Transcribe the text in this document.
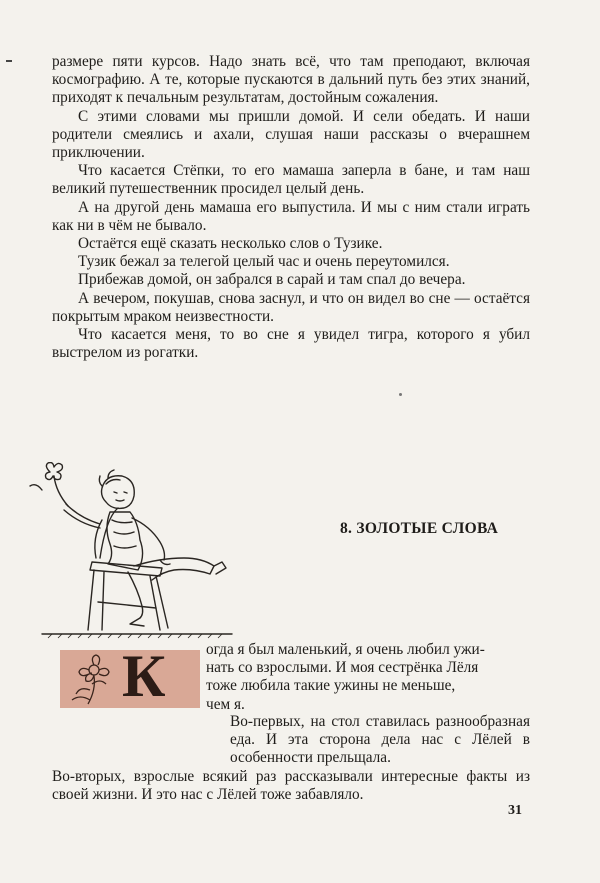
размере пяти курсов. Надо знать всё, что там преподают, включая космографию. А те, которые пускаются в дальний путь без этих знаний, приходят к печальным результатам, достойным сожаления.

С этими словами мы пришли домой. И сели обедать. И наши родители смеялись и ахали, слушая наши рассказы о вчерашнем приключении.

Что касается Стёпки, то его мамаша заперла в бане, и там наш великий путешественник просидел целый день.

А на другой день мамаша его выпустила. И мы с ним стали играть как ни в чём не бывало.

Остаётся ещё сказать несколько слов о Тузике.

Тузик бежал за телегой целый час и очень переутомился.

Прибежав домой, он забрался в сарай и там спал до вечера.

А вечером, покушав, снова заснул, и что он видел во сне — остаётся покрытым мраком неизвестности.

Что касается меня, то во сне я увидел тигра, которого я убил выстрелом из рогатки.

8. ЗОЛОТЫЕ СЛОВА
К	огда я был маленький, я очень любил ужи-

нать со взрослыми. И моя сестрёнка Лёля

тоже любила такие ужины не меньше,

чем я.

Во-первых, на стол ставилась разнообразная еда. И эта сторона дела нас с Лёлей в особенности прельщала.

Во-вторых, взрослые всякий раз рассказывали интересные факты из своей жизни. И это нас с Лёлей тоже забавляло.

31
